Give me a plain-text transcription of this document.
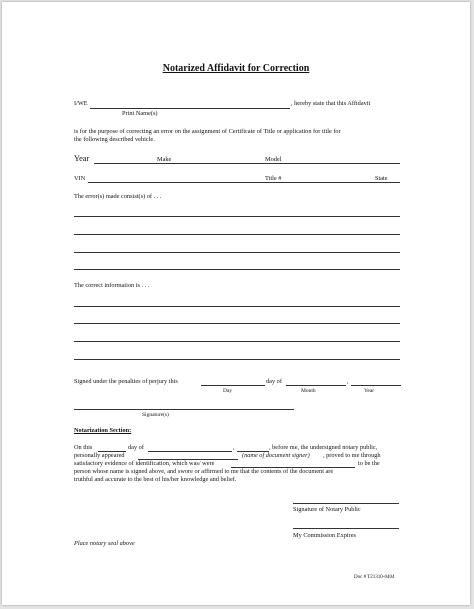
Notarized Affidavit for Correction
I/WE	, hereby state that this Affidavit
Print Name(s)
is for the purpose of correcting an error on the assignment of Certificate of Title or application for title for
the following described vehicle.
Year	Make	Model
VIN	Title #	State
The error(s) made consist(s) of . . .
The correct information is . . .
Signed under the penalties of perjury this	day of	,
Day	Month	Year
Signature(s)
Notarization Section:
On this	day of	,	, before me, the undersigned notary public,
personally appeared	(name of document signer) , proved to me through
satisfactory evidence of identification, which was/ were	to be the
person whose name is signed above, and swore or affirmed to me that the contents of the document are
truthful and accurate to the best of his/her knowledge and belief.
Signature of Notary Public
My Commission Expires
Place notary seal above
Doc # T21310-0404
